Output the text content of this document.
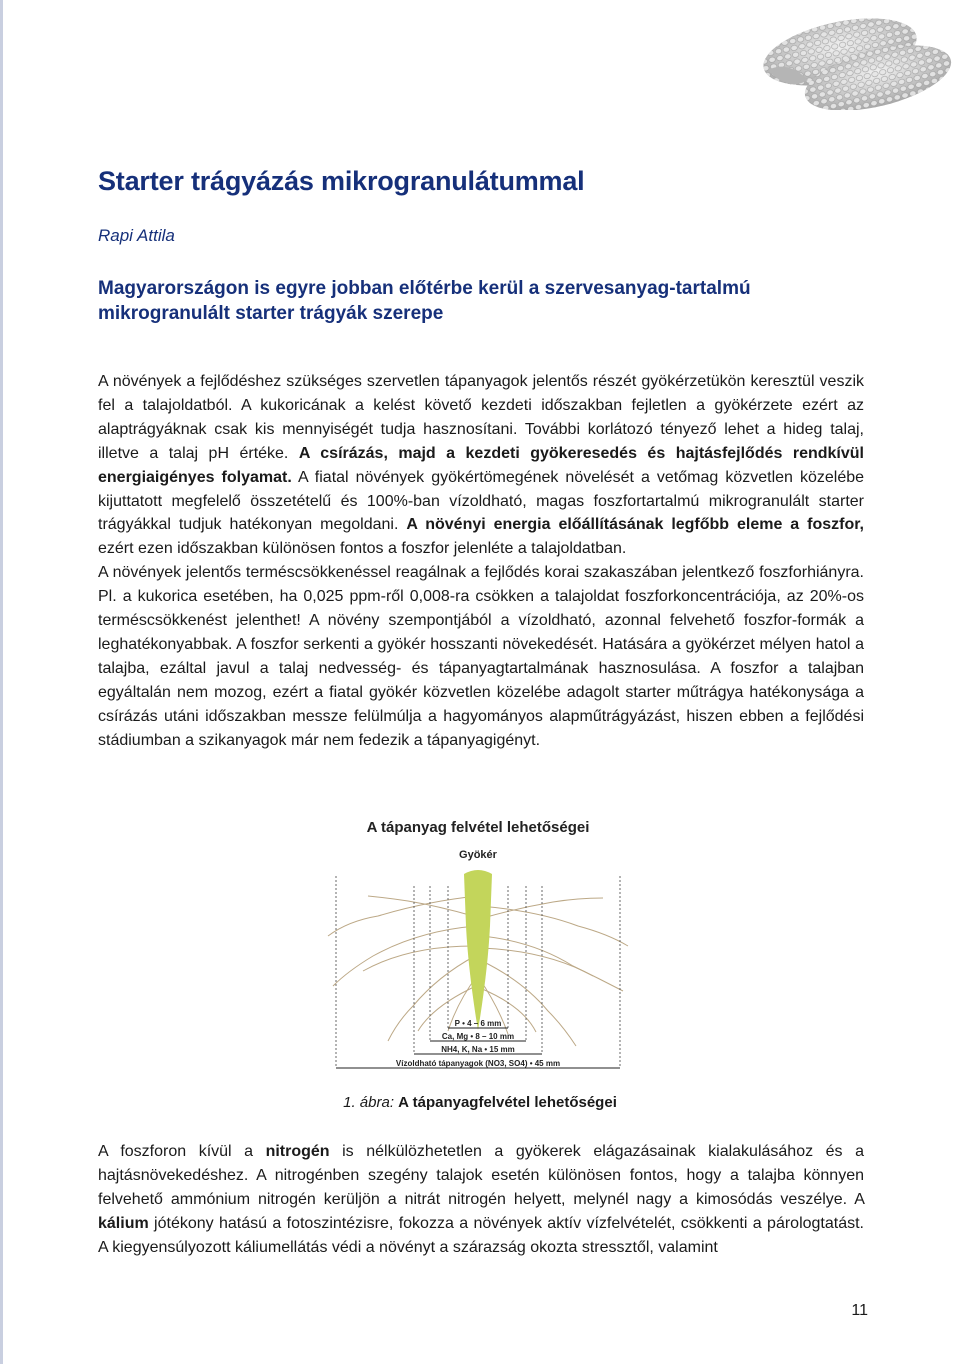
Starter trágyázás mikrogranulátummal
Rapi Attila
Magyarországon is egyre jobban előtérbe kerül a szervesanyag-tartalmú mikrogranulált starter trágyák szerepe

A növények a fejlődéshez szükséges szervetlen tápanyagok jelentős részét gyökérzetükön keresztül veszik fel a talajoldatból. A kukoricának a kelést követő kezdeti időszakban fejletlen a gyökérzete ezért az alaptrágyáknak csak kis mennyiségét tudja hasznosítani. További korlátozó tényező lehet a hideg talaj, illetve a talaj pH értéke. A csírázás, majd a kezdeti gyökeresedés és hajtásfejlődés rendkívül energiaigényes folyamat. A fiatal növények gyökértömegének növelését a vetőmag közvetlen közelébe kijuttatott megfelelő összetételű és 100%-ban vízoldható, magas foszfortartalmú mikrogranulált starter trágyákkal tudjuk hatékonyan megoldani. A növényi energia előállításának legfőbb eleme a foszfor, ezért ezen időszakban különösen fontos a foszfor jelenléte a talajoldatban.

A növények jelentős terméscsökkenéssel reagálnak a fejlődés korai szakaszában jelentkező foszforhiányra. Pl. a kukorica esetében, ha 0,025 ppm-ről 0,008-ra csökken a talajoldat foszforkoncentrációja, az 20%-os terméscsökkenést jelenthet! A növény szempontjából a vízoldható, azonnal felvehető foszfor-formák a leghatékonyabbak. A foszfor serkenti a gyökér hosszanti növekedését. Hatására a gyökérzet mélyen hatol a talajba, ezáltal javul a talaj nedvesség- és tápanyagtartalmának hasznosulása. A foszfor a talajban egyáltalán nem mozog, ezért a fiatal gyökér közvetlen közelébe adagolt starter műtrágya hatékonysága a csírázás utáni időszakban messze felülmúlja a hagyományos alapműtrágyázást, hiszen ebben a fejlődési stádiumban a szikanyagok már nem fedezik a tápanyagigényt.

A tápanyag felvétel lehetőségei
Gyökér
P • 4 – 6 mm
Ca, Mg • 8 – 10 mm
NH4, K, Na • 15 mm
Vízoldható tápanyagok (NO3, SO4) • 45 mm
1. ábra: A tápanyagfelvétel lehetőségei

A foszforon kívül a nitrogén is nélkülözhetetlen a gyökerek elágazásainak kialakulásához és a hajtásnövekedéshez. A nitrogénben szegény talajok esetén különösen fontos, hogy a talajba könnyen felvehető ammónium nitrogén kerüljön a nitrát nitrogén helyett, melynél nagy a kimosódás veszélye. A kálium jótékony hatású a fotoszintézisre, fokozza a növények aktív vízfelvételét, csökkenti a párologtatást. A kiegyensúlyozott káliumellátás védi a növényt a szárazság okozta stressztől, valamint

11
